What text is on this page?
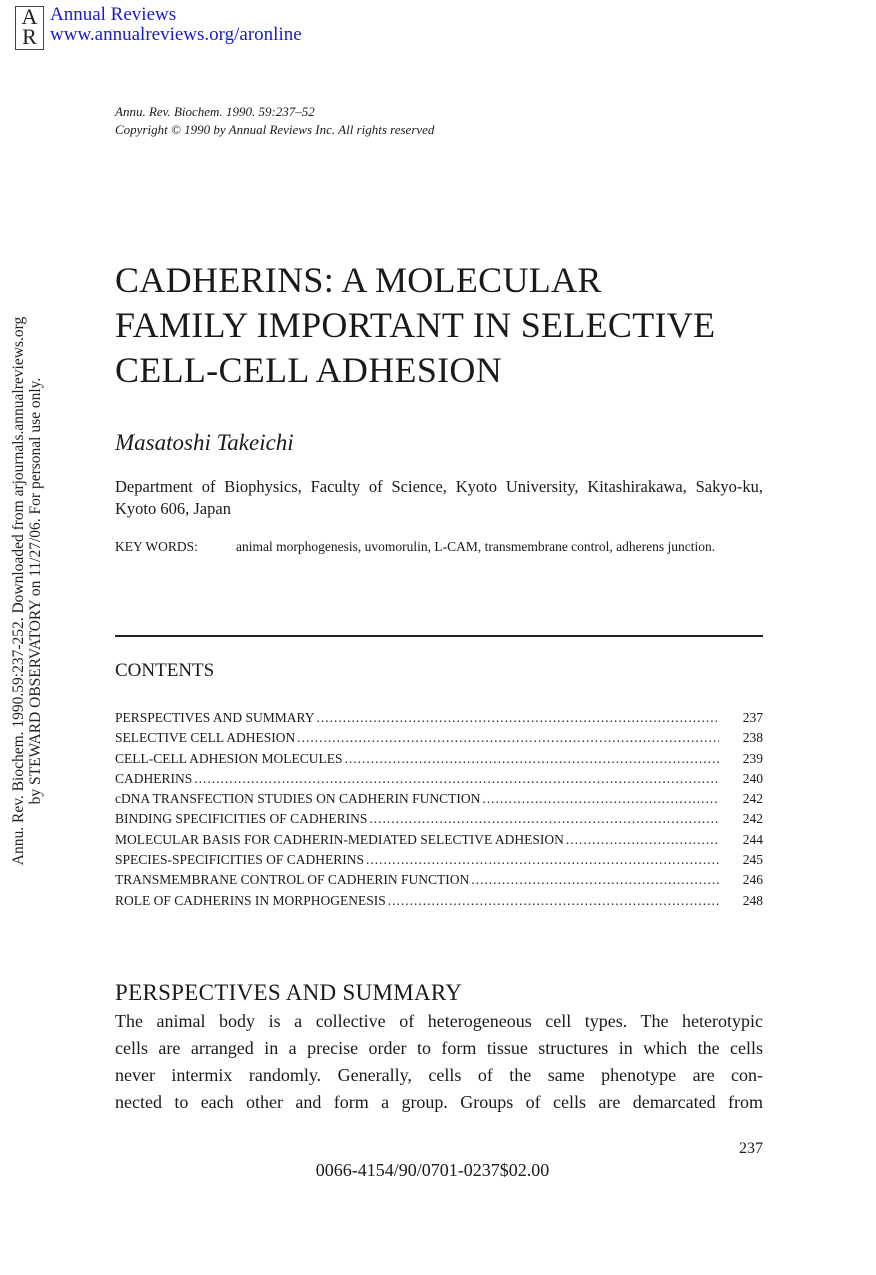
A
R
Annual Reviews
www.annualreviews.org/aronline
Annu. Rev. Biochem. 1990. 59:237–52
Copyright © 1990 by Annual Reviews Inc. All rights reserved
Annu. Rev. Biochem. 1990.59:237-252. Downloaded from arjournals.annualreviews.org by STEWARD OBSERVATORY on 11/27/06. For personal use only.
CADHERINS: A MOLECULAR
FAMILY IMPORTANT IN SELECTIVE
CELL-CELL ADHESION
Masatoshi Takeichi
Department of Biophysics, Faculty of Science, Kyoto University, Kitashirakawa, Sakyo-ku, Kyoto 606, Japan
KEY WORDS:	animal morphogenesis, uvomorulin, L-CAM, transmembrane control, adherens junction.
CONTENTS
PERSPECTIVES AND SUMMARY .....	237
SELECTIVE CELL ADHESION .....	238
CELL-CELL ADHESION MOLECULES .....	239
CADHERINS .....	240
cDNA TRANSFECTION STUDIES ON CADHERIN FUNCTION .....	242
BINDING SPECIFICITIES OF CADHERINS .....	242
MOLECULAR BASIS FOR CADHERIN-MEDIATED SELECTIVE ADHESION .....	244
SPECIES-SPECIFICITIES OF CADHERINS .....	245
TRANSMEMBRANE CONTROL OF CADHERIN FUNCTION .....	246
ROLE OF CADHERINS IN MORPHOGENESIS .....	248
PERSPECTIVES AND SUMMARY
The animal body is a collective of heterogeneous cell types. The heterotypic
cells are arranged in a precise order to form tissue structures in which the cells
never intermix randomly. Generally, cells of the same phenotype are con-
nected to each other and form a group. Groups of cells are demarcated from
237
0066-4154/90/0701-0237$02.00
